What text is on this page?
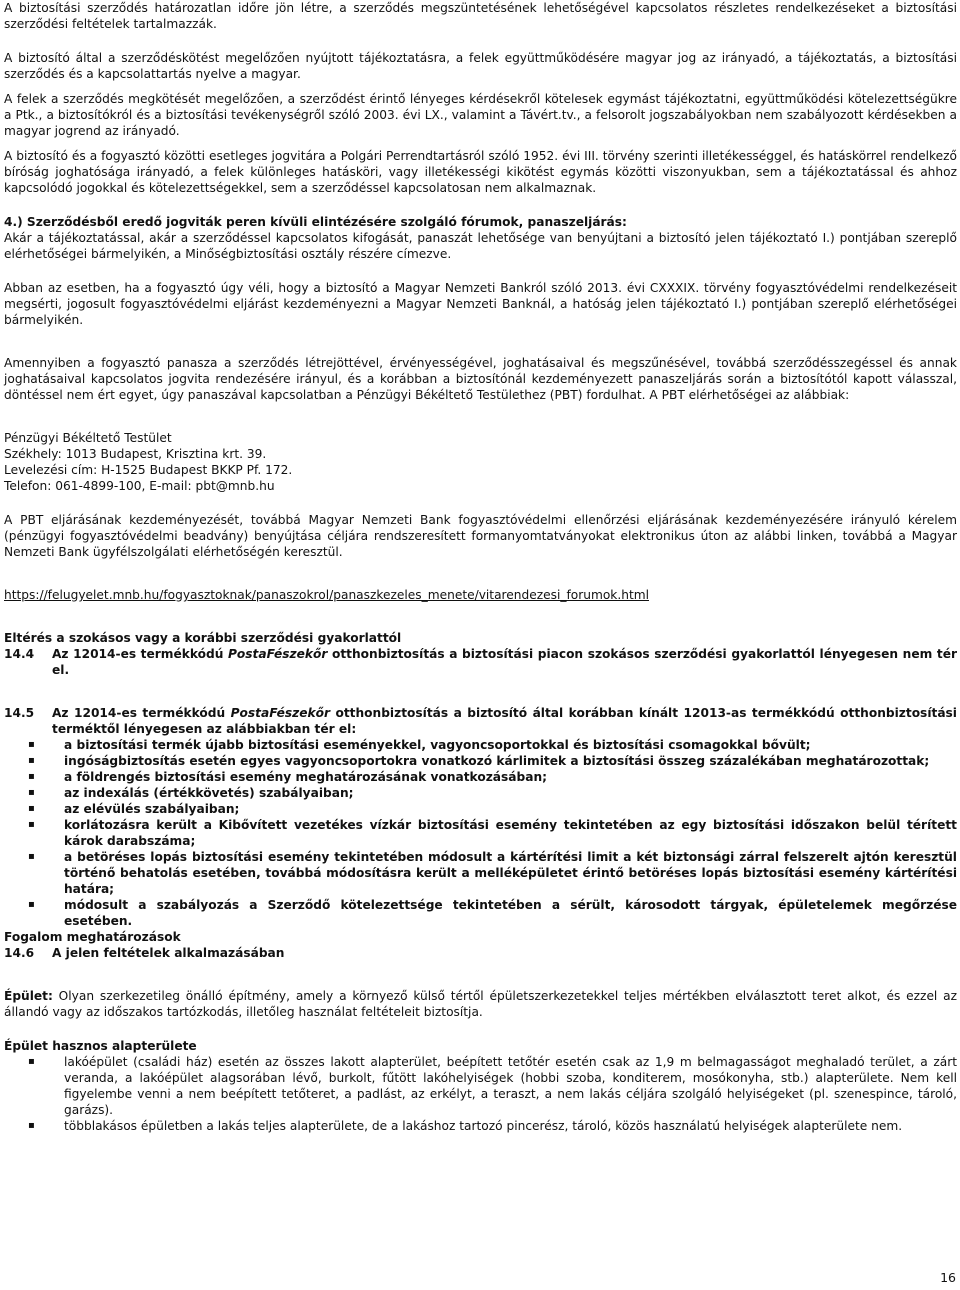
A biztosítási szerződés határozatlan időre jön létre, a szerződés megszüntetésének lehetőségével kapcsolatos részletes rendelkezéseket a biztosítási szerződési feltételek tartalmazzák.

A biztosító által a szerződéskötést megelőzően nyújtott tájékoztatásra, a felek együttműködésére magyar jog az irányadó, a tájékoztatás, a biztosítási szerződés és a kapcsolattartás nyelve a magyar.

A felek a szerződés megkötését megelőzően, a szerződést érintő lényeges kérdésekről kötelesek egymást tájékoztatni, együttműködési kötelezettségükre a Ptk., a biztosítókról és a biztosítási tevékenységről szóló 2003. évi LX., valamint a Távért.tv., a felsorolt jogszabályokban nem szabályozott kérdésekben a magyar jogrend az irányadó.

A biztosító és a fogyasztó közötti esetleges jogvitára a Polgári Perrendtartásról szóló 1952. évi III. törvény szerinti illetékességgel, és hatáskörrel rendelkező bíróság joghatósága irányadó, a felek különleges hatásköri, vagy illetékességi kikötést egymás közötti viszonyukban, sem a tájékoztatással és ahhoz kapcsolódó jogokkal és kötelezettségekkel, sem a szerződéssel kapcsolatosan nem alkalmaznak.

4.) Szerződésből eredő jogviták peren kívüli elintézésére szolgáló fórumok, panaszeljárás:

Akár a tájékoztatással, akár a szerződéssel kapcsolatos kifogását, panaszát lehetősége van benyújtani a biztosító jelen tájékoztató I.) pontjában szereplő elérhetőségei bármelyikén, a Minőségbiztosítási osztály részére címezve.

Abban az esetben, ha a fogyasztó úgy véli, hogy a biztosító a Magyar Nemzeti Bankról szóló 2013. évi CXXXIX. törvény fogyasztóvédelmi rendelkezéseit megsérti, jogosult fogyasztóvédelmi eljárást kezdeményezni a Magyar Nemzeti Banknál, a hatóság jelen tájékoztató I.) pontjában szereplő elérhetőségei bármelyikén.

Amennyiben a fogyasztó panasza a szerződés létrejöttével, érvényességével, joghatásaival és megszűnésével, továbbá szerződésszegéssel és annak joghatásaival kapcsolatos jogvita rendezésére irányul, és a korábban a biztosítónál kezdeményezett panaszeljárás során a biztosítótól kapott válasszal, döntéssel nem ért egyet, úgy panaszával kapcsolatban a Pénzügyi Békéltető Testülethez (PBT) fordulhat. A PBT elérhetőségei az alábbiak:

Pénzügyi Békéltető Testület

Székhely: 1013 Budapest, Krisztina krt. 39.

Levelezési cím: H-1525 Budapest BKKP Pf. 172.

Telefon: 061-4899-100, E-mail: pbt@mnb.hu

A PBT eljárásának kezdeményezését, továbbá Magyar Nemzeti Bank fogyasztóvédelmi ellenőrzési eljárásának kezdeményezésére irányuló kérelem (pénzügyi fogyasztóvédelmi beadvány) benyújtása céljára rendszeresített formanyomtatványokat elektronikus úton az alábbi linken, továbbá a Magyar Nemzeti Bank ügyfélszolgálati elérhetőségén keresztül.

https://felugyelet.mnb.hu/fogyasztoknak/panaszokrol/panaszkezeles_menete/vitarendezesi_forumok.html

Eltérés a szokásos vagy a korábbi szerződési gyakorlattól

14.4	Az 12014-es termékkódú PostaFészekőr otthonbiztosítás a biztosítási piacon szokásos szerződési gyakorlattól lényegesen nem tér el.
14.5	Az 12014-es termékkódú PostaFészekőr otthonbiztosítás a biztosító által korábban kínált 12013-as termékkódú otthonbiztosítási terméktől lényegesen az alábbiakban tér el:
▪ a biztosítási termék újabb biztosítási eseményekkel, vagyoncsoportokkal és biztosítási csomagokkal bővült;
▪ ingóságbiztosítás esetén egyes vagyoncsoportokra vonatkozó kárlimitek a biztosítási összeg százalékában meghatározottak;
▪ a földrengés biztosítási esemény meghatározásának vonatkozásában;
▪ az indexálás (értékkövetés) szabályaiban;
▪ az elévülés szabályaiban;
▪ korlátozásra került a Kibővített vezetékes vízkár biztosítási esemény tekintetében az egy biztosítási időszakon belül térített károk darabszáma;
▪ a betöréses lopás biztosítási esemény tekintetében módosult a kártérítési limit a két biztonsági zárral felszerelt ajtón keresztül történő behatolás esetében, továbbá módosításra került a melléképületet érintő betöréses lopás biztosítási esemény kártérítési határa;
▪ módosult a szabályozás a Szerződő kötelezettsége tekintetében a sérült, károsodott tárgyak, épületelemek megőrzése esetében.

Fogalom meghatározások

14.6	A jelen feltételek alkalmazásában

Épület: Olyan szerkezetileg önálló építmény, amely a környező külső tértől épületszerkezetekkel teljes mértékben elválasztott teret alkot, és ezzel az állandó vagy az időszakos tartózkodás, illetőleg használat feltételeit biztosítja.

Épület hasznos alapterülete

▪ lakóépület (családi ház) esetén az összes lakott alapterület, beépített tetőtér esetén csak az 1,9 m belmagasságot meghaladó terület, a zárt veranda, a lakóépület alagsorában lévő, burkolt, fűtött lakóhelyiségek (hobbi szoba, konditerem, mosókonyha, stb.) alapterülete. Nem kell figyelembe venni a nem beépített tetőteret, a padlást, az erkélyt, a teraszt, a nem lakás céljára szolgáló helyiségeket (pl. szenespince, tároló, garázs).
▪ többlakásos épületben a lakás teljes alapterülete, de a lakáshoz tartozó pincerész, tároló, közös használatú helyiségek alapterülete nem.
16
